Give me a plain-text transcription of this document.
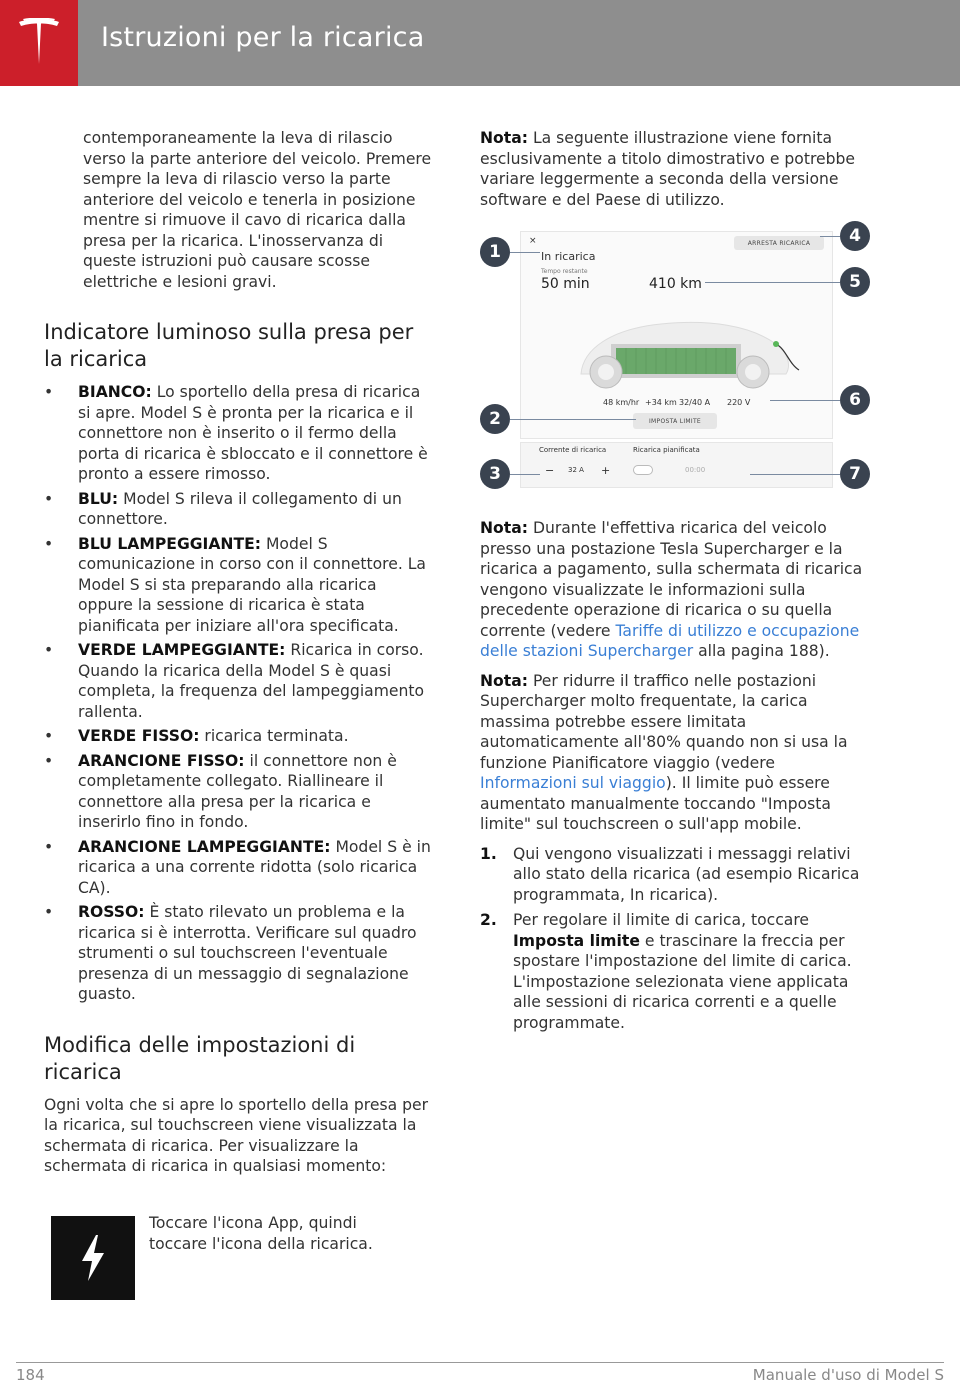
Istruzioni per la ricarica

contemporaneamente la leva di rilascio verso la parte anteriore del veicolo. Premere sempre la leva di rilascio verso la parte anteriore del veicolo e tenerla in posizione mentre si rimuove il cavo di ricarica dalla presa per la ricarica. L'inosservanza di queste istruzioni può causare scosse elettriche e lesioni gravi.

Indicatore luminoso sulla presa per la ricarica
• BIANCO: Lo sportello della presa di ricarica si apre. Model S è pronta per la ricarica e il connettore non è inserito o il fermo della porta di ricarica è sbloccato e il connettore è pronto a essere rimosso.
• BLU: Model S rileva il collegamento di un connettore.
• BLU LAMPEGGIANTE: Model S comunicazione in corso con il connettore. La Model S si sta preparando alla ricarica oppure la sessione di ricarica è stata pianificata per iniziare all'ora specificata.
• VERDE LAMPEGGIANTE: Ricarica in corso. Quando la ricarica della Model S è quasi completa, la frequenza del lampeggiamento rallenta.
• VERDE FISSO: ricarica terminata.
• ARANCIONE FISSO: il connettore non è completamente collegato. Riallineare il connettore alla presa per la ricarica e inserirlo fino in fondo.
• ARANCIONE LAMPEGGIANTE: Model S è in ricarica a una corrente ridotta (solo ricarica CA).
• ROSSO: È stato rilevato un problema e la ricarica si è interrotta. Verificare sul quadro strumenti o sul touchscreen l'eventuale presenza di un messaggio di segnalazione guasto.
Modifica delle impostazioni di ricarica

Ogni volta che si apre lo sportello della presa per la ricarica, sul touchscreen viene visualizzata la schermata di ricarica. Per visualizzare la schermata di ricarica in qualsiasi momento:

Toccare l'icona App, quindi toccare l'icona della ricarica.

Nota: La seguente illustrazione viene fornita esclusivamente a titolo dimostrativo e potrebbe variare leggermente a seconda della versione software e del Paese di utilizzo.

×
In ricarica
Tempo restante
50 min	410 km
ARRESTA RICARICA
48 km/hr +34 km 32/40 A 220 V
IMPOSTA LIMITE
Corrente di ricarica
− 32 A +
Ricarica pianificata
00:00
1
2
3
4
5
6
7

Nota: Durante l'effettiva ricarica del veicolo presso una postazione Tesla Supercharger e la ricarica a pagamento, sulla schermata di ricarica vengono visualizzate le informazioni sulla precedente operazione di ricarica o su quella corrente (vedere Tariffe di utilizzo e occupazione delle stazioni Supercharger alla pagina 188).

Nota: Per ridurre il traffico nelle postazioni Supercharger molto frequentate, la carica massima potrebbe essere limitata automaticamente all'80% quando non si usa la funzione Pianificatore viaggio (vedere Informazioni sul viaggio). Il limite può essere aumentato manualmente toccando "Imposta limite" sul touchscreen o sull'app mobile.

1. Qui vengono visualizzati i messaggi relativi allo stato della ricarica (ad esempio Ricarica programmata, In ricarica).
2. Per regolare il limite di carica, toccare Imposta limite e trascinare la freccia per spostare l'impostazione del limite di carica. L'impostazione selezionata viene applicata alle sessioni di ricarica correnti e a quelle programmate.
184	Manuale d'uso di Model S
